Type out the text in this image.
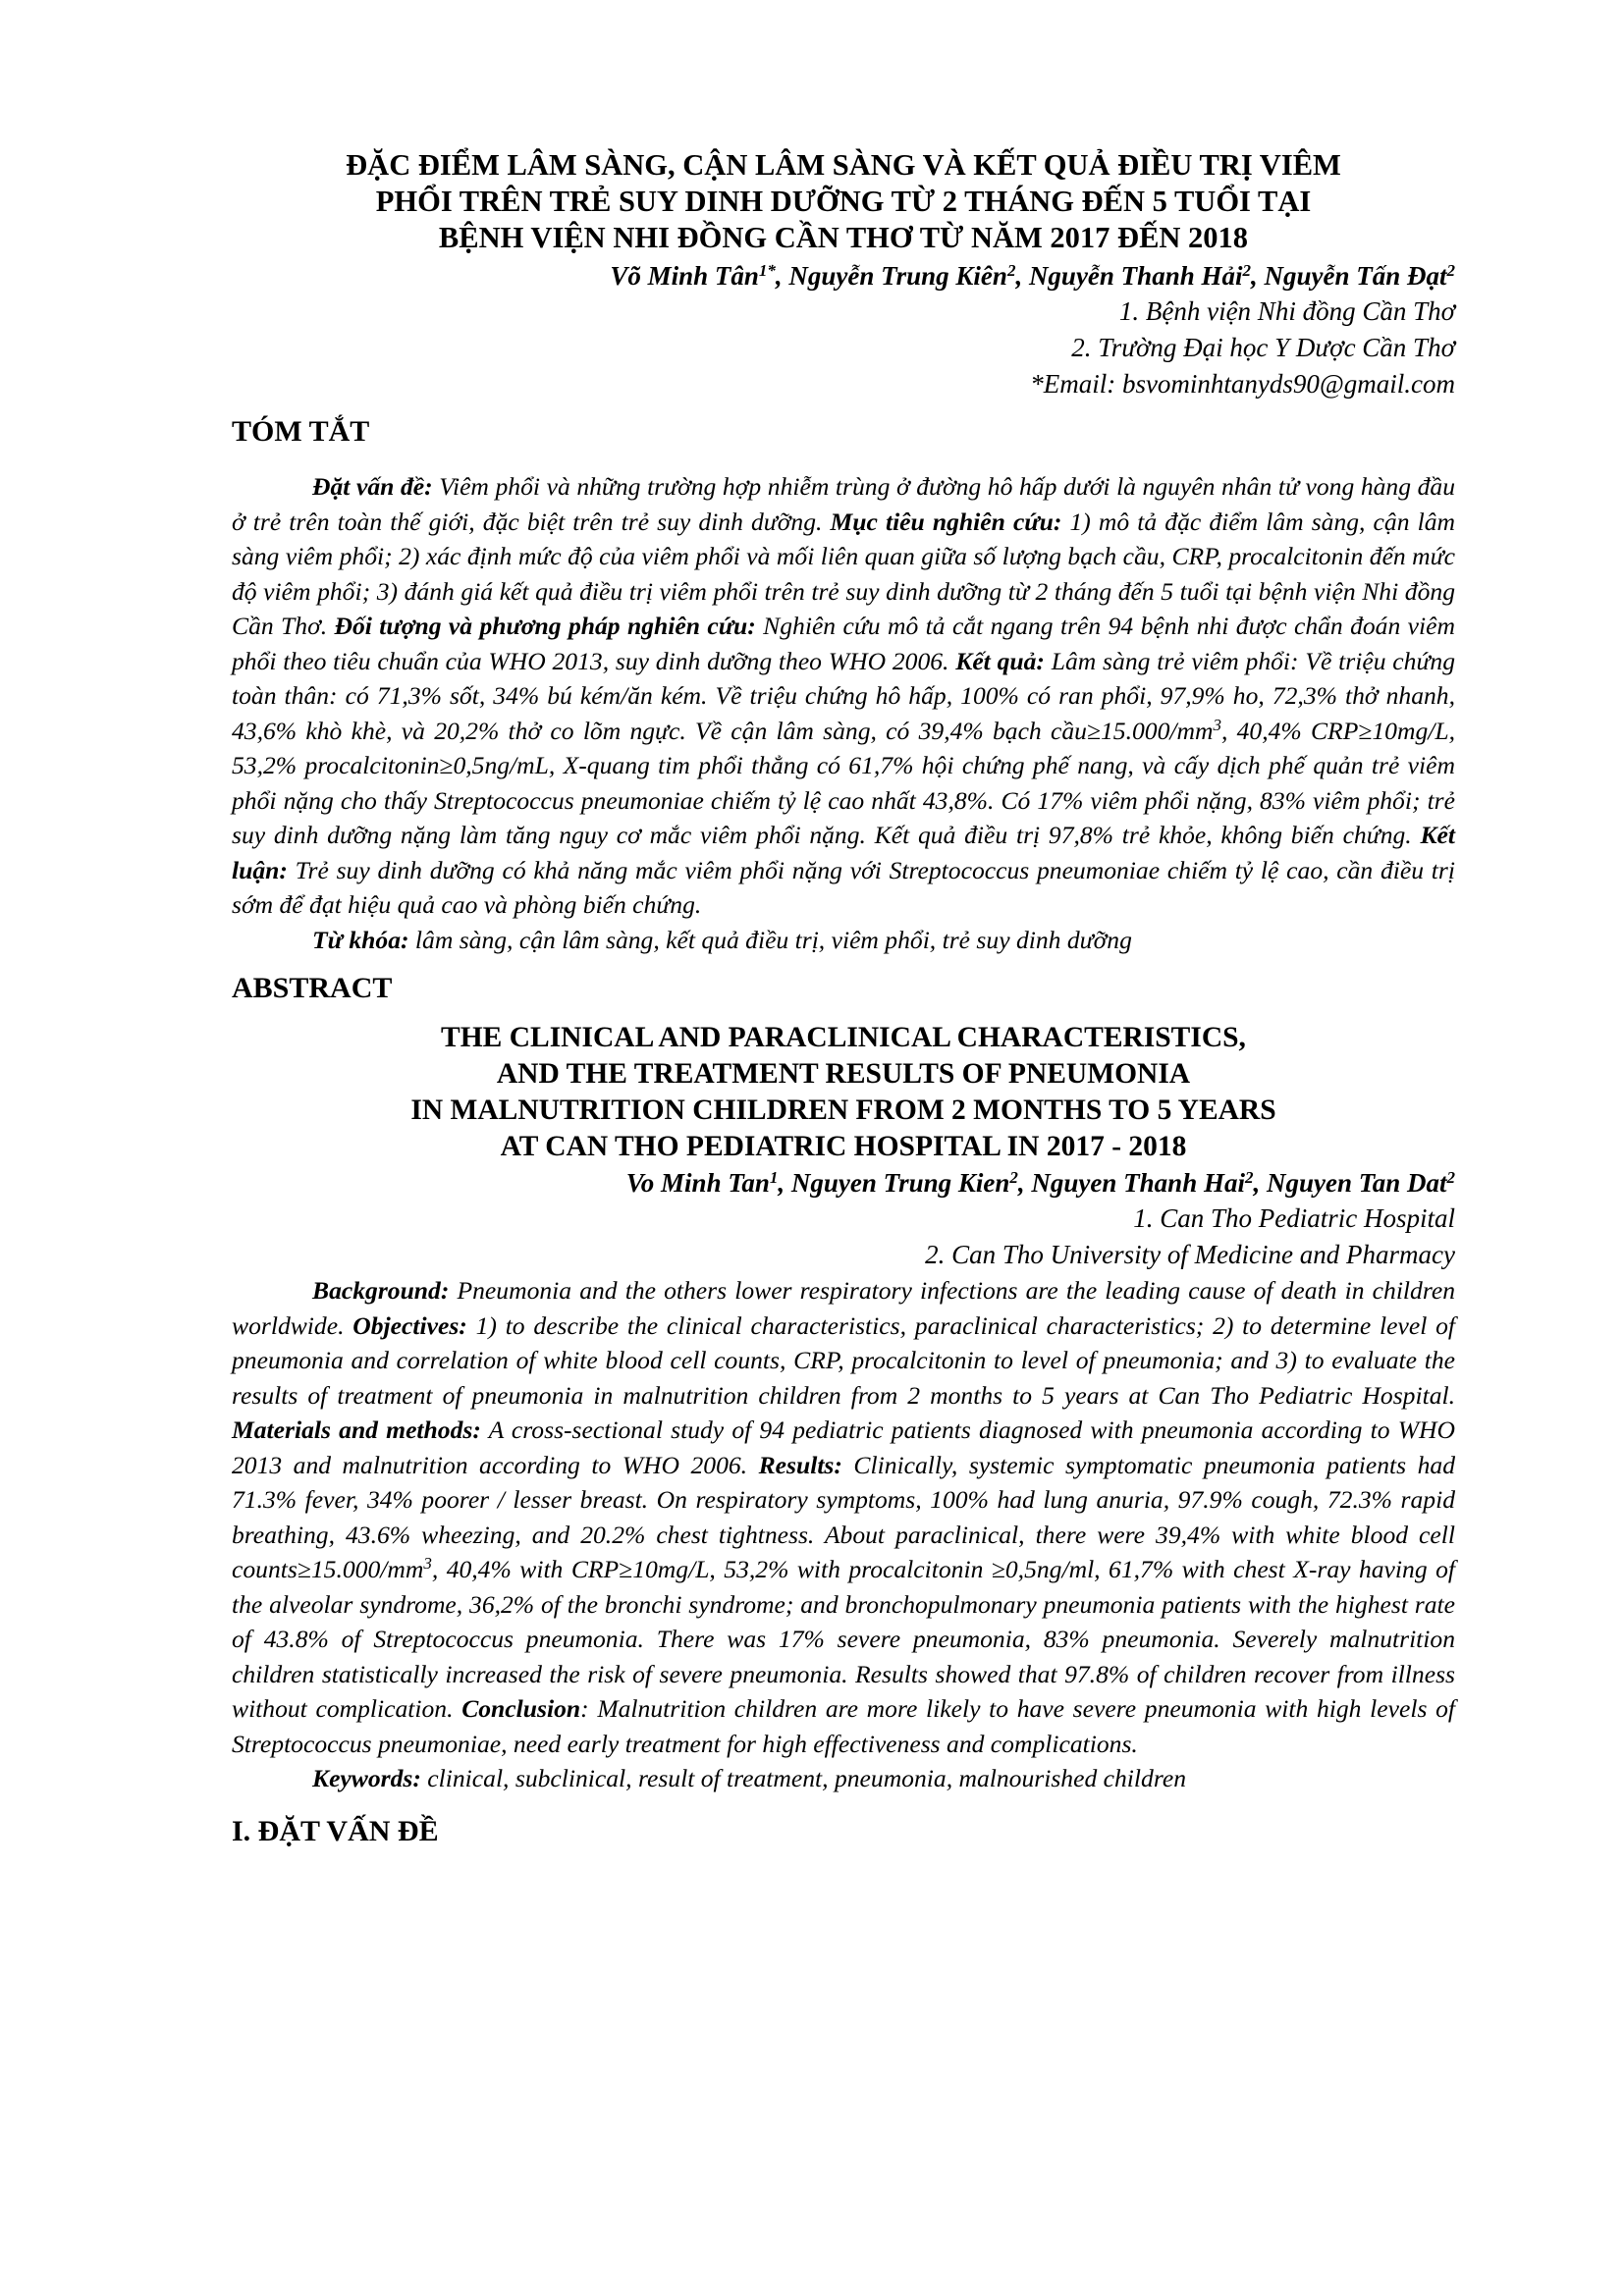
ĐẶC ĐIỂM LÂM SÀNG, CẬN LÂM SÀNG VÀ KẾT QUẢ ĐIỀU TRỊ VIÊM
PHỔI TRÊN TRẺ SUY DINH DƯỠNG TỪ 2 THÁNG ĐẾN 5 TUỔI TẠI
BỆNH VIỆN NHI ĐỒNG CẦN THƠ TỪ NĂM 2017 ĐẾN 2018
Võ Minh Tân$^{1*}$, Nguyễn Trung Kiên$^2$, Nguyễn Thanh Hải$^2$, Nguyễn Tấn Đạt$^2$
1. Bệnh viện Nhi đồng Cần Thơ
2. Trường Đại học Y Dược Cần Thơ
*Email: bsvominhtanyds90@gmail.com
TÓM TẮT

Đặt vấn đề: Viêm phổi và những trường hợp nhiễm trùng ở đường hô hấp dưới là nguyên nhân tử vong hàng đầu ở trẻ trên toàn thế giới, đặc biệt trên trẻ suy dinh dưỡng. Mục tiêu nghiên cứu: 1) mô tả đặc điểm lâm sàng, cận lâm sàng viêm phổi; 2) xác định mức độ của viêm phổi và mối liên quan giữa số lượng bạch cầu, CRP, procalcitonin đến mức độ viêm phổi; 3) đánh giá kết quả điều trị viêm phổi trên trẻ suy dinh dưỡng từ 2 tháng đến 5 tuổi tại bệnh viện Nhi đồng Cần Thơ. Đối tượng và phương pháp nghiên cứu: Nghiên cứu mô tả cắt ngang trên 94 bệnh nhi được chẩn đoán viêm phổi theo tiêu chuẩn của WHO 2013, suy dinh dưỡng theo WHO 2006. Kết quả: Lâm sàng trẻ viêm phổi: Về triệu chứng toàn thân: có 71,3% sốt, 34% bú kém/ăn kém. Về triệu chứng hô hấp, 100% có ran phổi, 97,9% ho, 72,3% thở nhanh, 43,6% khò khè, và 20,2% thở co lõm ngực. Về cận lâm sàng, có 39,4% bạch $cầu\ge 15.000/mm^3$, 40,4% CRP≥10mg/L, 53,2% procalcitonin≥0,5ng/mL, X-quang tim phổi thẳng có 61,7% hội chứng phế nang, và cấy dịch phế quản trẻ viêm phổi nặng cho thấy Streptococcus pneumoniae chiếm tỷ lệ cao nhất 43,8%. Có 17% viêm phổi nặng, 83% viêm phổi; trẻ suy dinh dưỡng nặng làm tăng nguy cơ mắc viêm phổi nặng. Kết quả điều trị 97,8% trẻ khỏe, không biến chứng. Kết luận: Trẻ suy dinh dưỡng có khả năng mắc viêm phổi nặng với Streptococcus pneumoniae chiếm tỷ lệ cao, cần điều trị sớm để đạt hiệu quả cao và phòng biến chứng.

Từ khóa: lâm sàng, cận lâm sàng, kết quả điều trị, viêm phổi, trẻ suy dinh dưỡng
ABSTRACT
THE CLINICAL AND PARACLINICAL CHARACTERISTICS,
AND THE TREATMENT RESULTS OF PNEUMONIA
IN MALNUTRITION CHILDREN FROM 2 MONTHS TO 5 YEARS
AT CAN THO PEDIATRIC HOSPITAL IN 2017 - 2018
Vo Minh Tan$^1$, Nguyen Trung Kien$^2$, Nguyen Thanh Hai$^2$, Nguyen Tan Dat$^2$
1. Can Tho Pediatric Hospital
2. Can Tho University of Medicine and Pharmacy

Background: Pneumonia and the others lower respiratory infections are the leading cause of death in children worldwide. Objectives: 1) to describe the clinical characteristics, paraclinical characteristics; 2) to determine level of pneumonia and correlation of white blood cell counts, CRP, procalcitonin to level of pneumonia; and 3) to evaluate the results of treatment of pneumonia in malnutrition children from 2 months to 5 years at Can Tho Pediatric Hospital. Materials and methods: A cross-sectional study of 94 pediatric patients diagnosed with pneumonia according to WHO 2013 and malnutrition according to WHO 2006. Results: Clinically, systemic symptomatic pneumonia patients had 71.3% fever, 34% poorer / lesser breast. On respiratory symptoms, 100% had lung anuria, 97.9% cough, 72.3% rapid breathing, 43.6% wheezing, and 20.2% chest tightness. About paraclinical, there were 39,4% with white blood cell $counts\ge 15.000/mm^3$, 40,4% with CRP≥10mg/L, 53,2% with procalcitonin ≥0,5ng/ml, 61,7% with chest X-ray having of the alveolar syndrome, 36,2% of the bronchi syndrome; and bronchopulmonary pneumonia patients with the highest rate of 43.8% of Streptococcus pneumonia. There was 17% severe pneumonia, 83% pneumonia. Severely malnutrition children statistically increased the risk of severe pneumonia. Results showed that 97.8% of children recover from illness without complication. Conclusion: Malnutrition children are more likely to have severe pneumonia with high levels of Streptococcus pneumoniae, need early treatment for high effectiveness and complications.

Keywords: clinical, subclinical, result of treatment, pneumonia, malnourished children
I. ĐẶT VẤN ĐỀ
